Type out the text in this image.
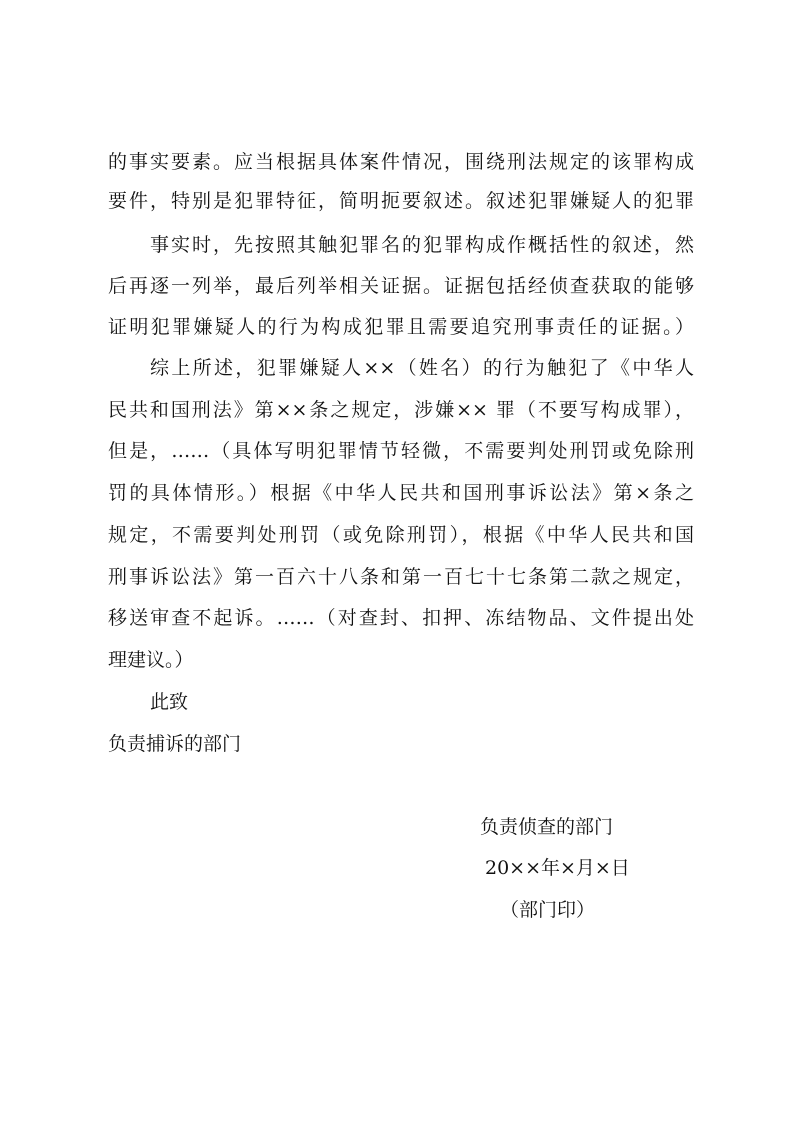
的事实要素。应当根据具体案件情况，围绕刑法规定的该罪构成
要件，特别是犯罪特征，简明扼要叙述。叙述犯罪嫌疑人的犯罪
事实时，先按照其触犯罪名的犯罪构成作概括性的叙述，然
后再逐一列举，最后列举相关证据。证据包括经侦查获取的能够
证明犯罪嫌疑人的行为构成犯罪且需要追究刑事责任的证据。）
综上所述，犯罪嫌疑人××（姓名）的行为触犯了《中华人
民共和国刑法》第××条之规定，涉嫌×× 罪（不要写构成罪），
但是，……（具体写明犯罪情节轻微，不需要判处刑罚或免除刑
罚的具体情形。）根据《中华人民共和国刑事诉讼法》第×条之
规定，不需要判处刑罚（或免除刑罚），根据《中华人民共和国
刑事诉讼法》第一百六十八条和第一百七十七条第二款之规定，
移送审查不起诉。……（对查封、扣押、冻结物品、文件提出处
理建议。）
此致
负责捕诉的部门
负责侦查的部门
20××年×月×日
（部门印）
